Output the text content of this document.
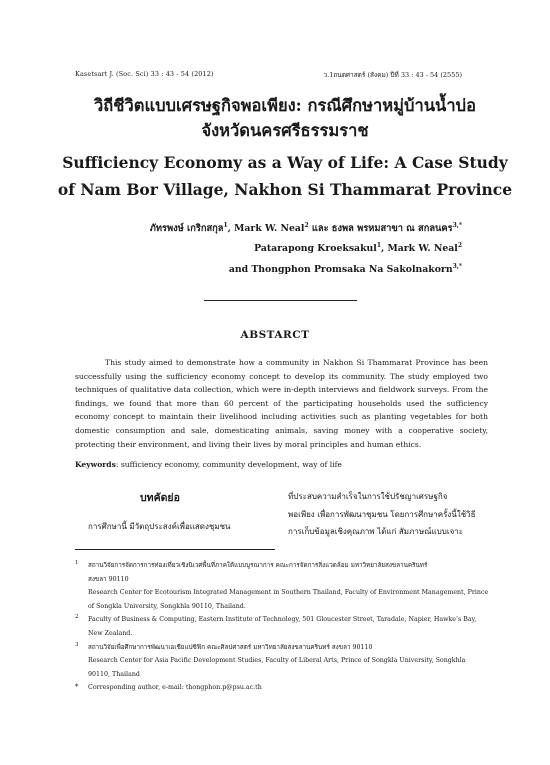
Kasetsart J. (Soc. Sci) 33 : 43 - 54 (2012)	ว.1ถนตศาสตร์ (สังคม) ปีที่ 33 : 43 - 54 (2555)
วิถีชีวิตแบบเศรษฐกิจพอเพียง: กรณีศึกษาหมู่บ้านน้ำบ่อ
จังหวัดนครศรีธรรมราช
Sufficiency Economy as a Way of Life: A Case Study
of Nam Bor Village, Nakhon Si Thammarat Province
ภัทรพงษ์ เกริกสกุล$^1$, Mark W. Neal$^2$ และ ธงพล พรหมสาขา ณ สกลนคร$^{3,*}$
Patarapong Kroeksakul$^1$, Mark W. Neal$^2$
and Thongphon Promsaka Na Sakolnakorn$^{3,*}$
ABSTARCT
This study aimed to demonstrate how a community in Nakhon Si Thammarat Province has been successfully using the sufficiency economy concept to develop its community. The study employed two techniques of qualitative data collection, which were in-depth interviews and fieldwork surveys. From the findings, we found that more than 60 percent of the participating households used the sufficiency economy concept to maintain their livelihood including activities such as planting vegetables for both domestic consumption and sale, domesticating animals, saving money with a cooperative society, protecting their environment, and living their lives by moral principles and human ethics.
Keywords: sufficiency economy, community development, way of life
บทคัดย่อ
การศึกษานี้ มีวัตถุประสงค์เพื่อแสดงชุมชน
ที่ประสบความสำเร็จในการใช้ปรัชญาเศรษฐกิจ
พอเพียง เพื่อการพัฒนาชุมชน โดยการศึกษาครั้งนี้ใช้วิธี
การเก็บข้อมูลเชิงคุณภาพ ได้แก่ สัมภาษณ์แบบเจาะ
1 สถานวิจัยการจัดการการท่องเที่ยวเชิงนิเวศพื้นที่ภาคใต้แบบบูรณาการ คณะการจัดการสิ่งแวดล้อม มหาวิทยาลัยสงขลานครินทร์
สงขลา 90110
Research Center for Ecotourism Integrated Management in Southern Thailand, Faculty of Environment Management, Prince
of Songkla University, Songkhla 90110, Thailand.
2 Faculty of Business & Computing, Eastern Institute of Technology, 501 Gloucester Street, Taradale, Napier, Hawke’s Bay,
New Zealand.
3 สถานวิจัยเพื่อศึกษาการพัฒนาเอเชียแปซิฟิก คณะศิลปศาสตร์ มหาวิทยาลัยสงขลานครินทร์ สงขลา 90110
Research Center for Asia Pacific Development Studies, Faculty of Liberal Arts, Prince of Songkla University, Songkhla
90110, Thailand
* Corresponding author, e-mail: thongphon.p@psu.ac.th
